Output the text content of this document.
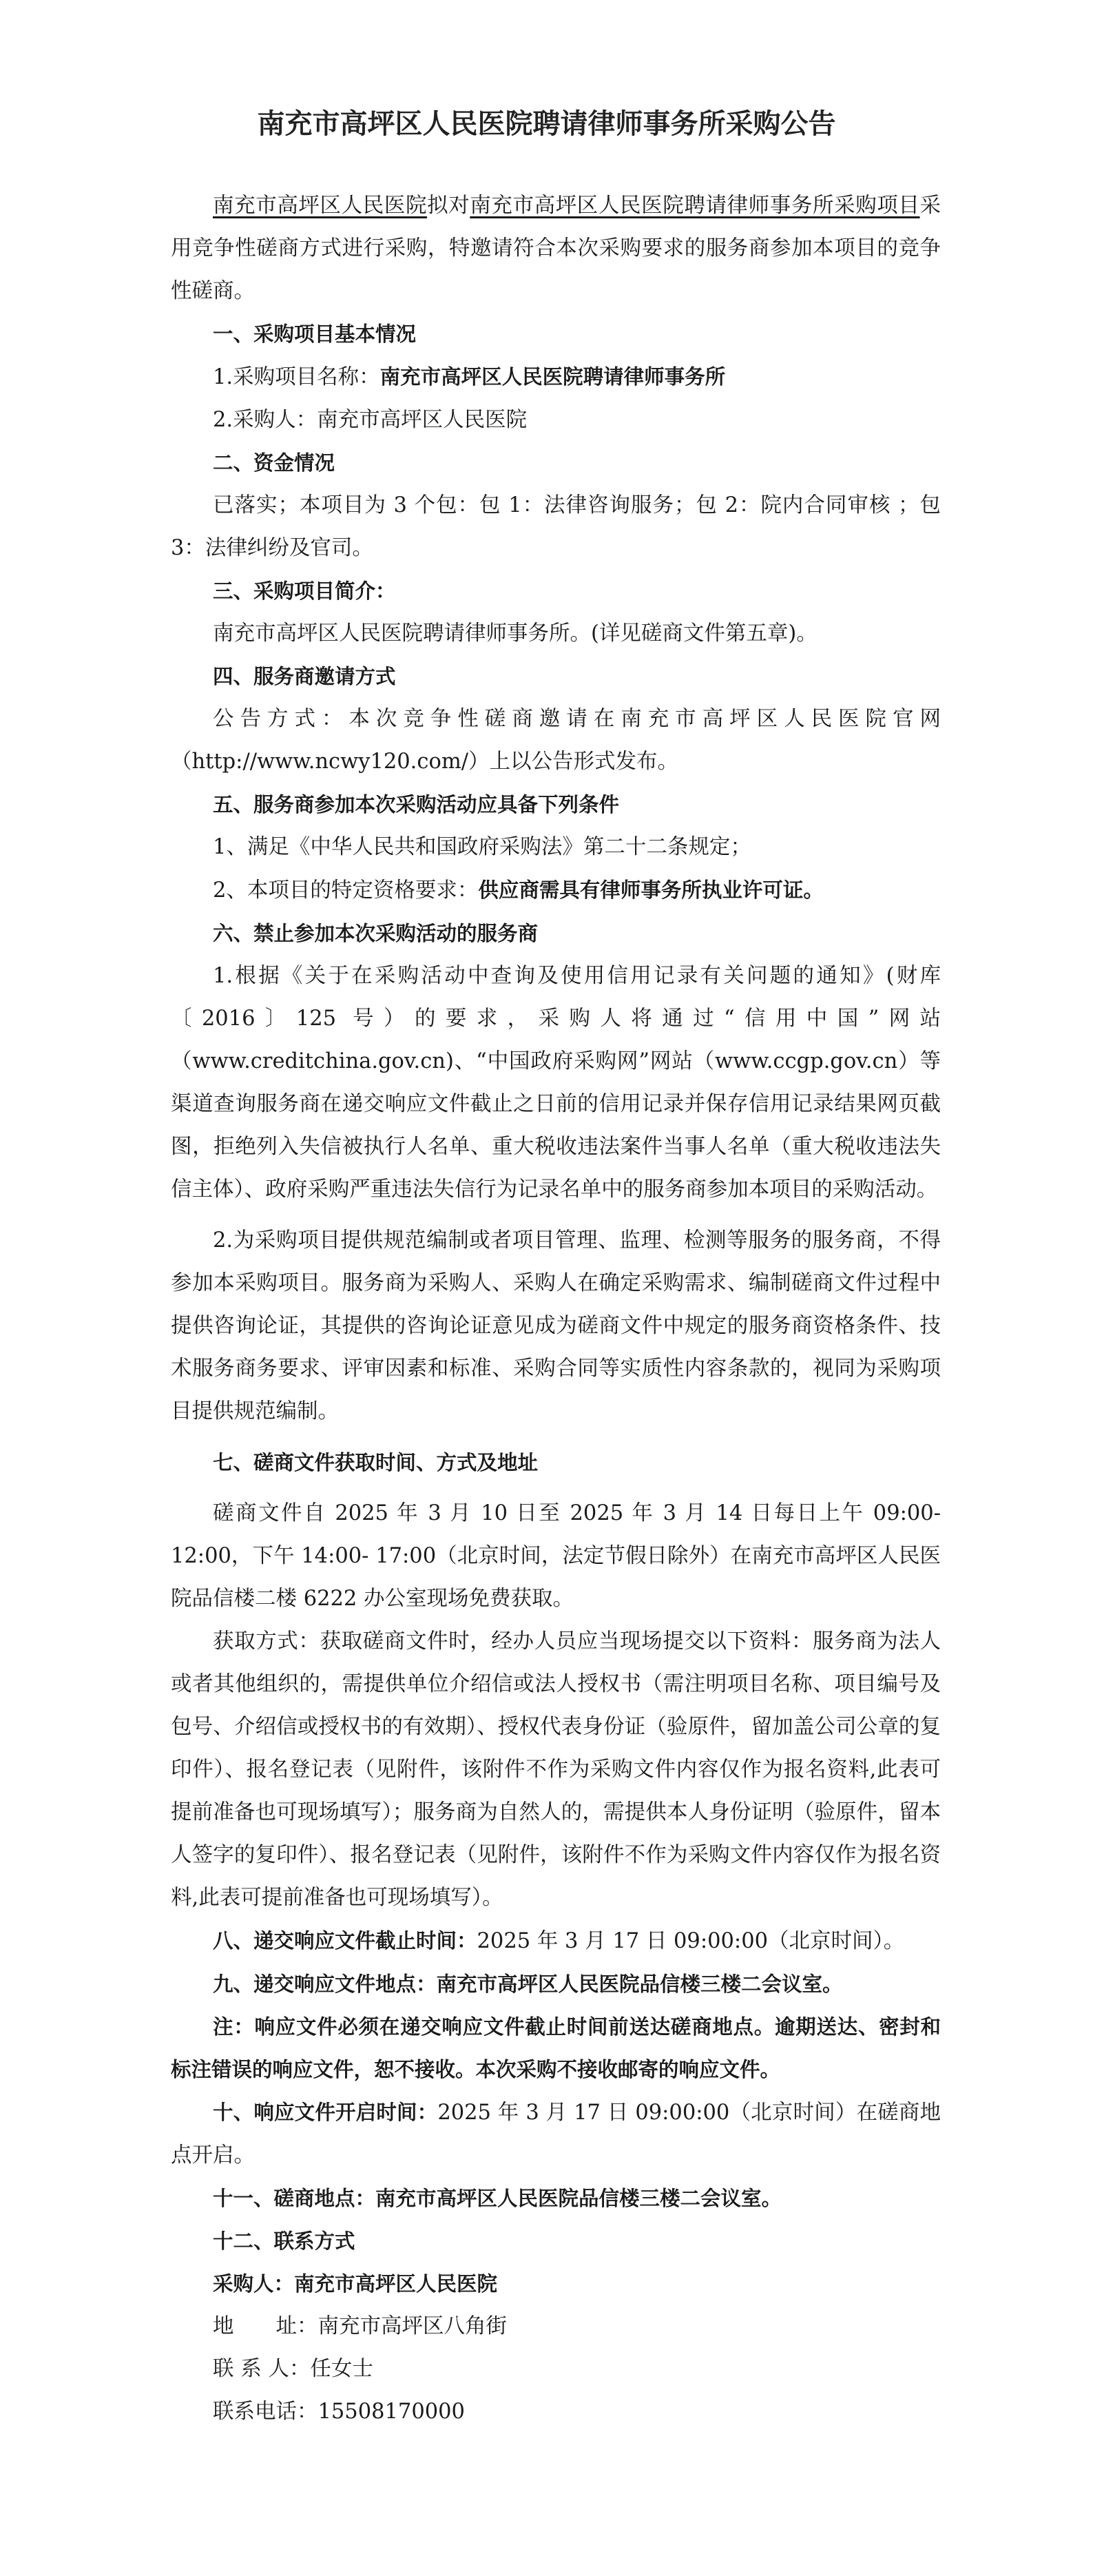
南充市高坪区人民医院聘请律师事务所采购公告

南充市高坪区人民医院拟对南充市高坪区人民医院聘请律师事务所采购项目采用竞争性磋商方式进行采购，特邀请符合本次采购要求的服务商参加本项目的竞争性磋商。

一、采购项目基本情况

1.采购项目名称：南充市高坪区人民医院聘请律师事务所

2.采购人：南充市高坪区人民医院

二、资金情况

已落实；本项目为 3 个包：包 1：法律咨询服务；包 2：院内合同审核 ；包 3：法律纠纷及官司。

三、采购项目简介：

南充市高坪区人民医院聘请律师事务所。(详见磋商文件第五章)。

四、服务商邀请方式

公告方式：本次竞争性磋商邀请在南充市高坪区人民医院官网（http://www.ncwy120.com/）上以公告形式发布。

五、服务商参加本次采购活动应具备下列条件

1、满足《中华人民共和国政府采购法》第二十二条规定；

2、本项目的特定资格要求：供应商需具有律师事务所执业许可证。

六、禁止参加本次采购活动的服务商

1.根据《关于在采购活动中查询及使用信用记录有关问题的通知》(财库〔2016〕125 号）的要求，采购人将通过“信用中国”网站（www.creditchina.gov.cn)、“中国政府采购网”网站（www.ccgp.gov.cn）等渠道查询服务商在递交响应文件截止之日前的信用记录并保存信用记录结果网页截图，拒绝列入失信被执行人名单、重大税收违法案件当事人名单（重大税收违法失信主体）、政府采购严重违法失信行为记录名单中的服务商参加本项目的采购活动。

2.为采购项目提供规范编制或者项目管理、监理、检测等服务的服务商，不得参加本采购项目。服务商为采购人、采购人在确定采购需求、编制磋商文件过程中提供咨询论证，其提供的咨询论证意见成为磋商文件中规定的服务商资格条件、技术服务商务要求、评审因素和标准、采购合同等实质性内容条款的，视同为采购项目提供规范编制。

七、磋商文件获取时间、方式及地址

磋商文件自 2025 年 3 月 10 日至 2025 年 3 月 14 日每日上午 09:00-12:00，下午 14:00- 17:00（北京时间，法定节假日除外）在南充市高坪区人民医院品信楼二楼 6222 办公室现场免费获取。

获取方式：获取磋商文件时，经办人员应当现场提交以下资料：服务商为法人或者其他组织的，需提供单位介绍信或法人授权书（需注明项目名称、项目编号及包号、介绍信或授权书的有效期）、授权代表身份证（验原件，留加盖公司公章的复印件）、报名登记表（见附件，该附件不作为采购文件内容仅作为报名资料,此表可提前准备也可现场填写）；服务商为自然人的，需提供本人身份证明（验原件，留本人签字的复印件）、报名登记表（见附件，该附件不作为采购文件内容仅作为报名资料,此表可提前准备也可现场填写）。

八、递交响应文件截止时间：2025 年 3 月 17 日 09:00:00（北京时间）。

九、递交响应文件地点：南充市高坪区人民医院品信楼三楼二会议室。

注：响应文件必须在递交响应文件截止时间前送达磋商地点。逾期送达、密封和标注错误的响应文件，恕不接收。本次采购不接收邮寄的响应文件。

十、响应文件开启时间：2025 年 3 月 17 日 09:00:00（北京时间）在磋商地点开启。

十一、磋商地点：南充市高坪区人民医院品信楼三楼二会议室。

十二、联系方式

采购人：南充市高坪区人民医院

地　　址：南充市高坪区八角街

联 系 人：任女士

联系电话：15508170000
